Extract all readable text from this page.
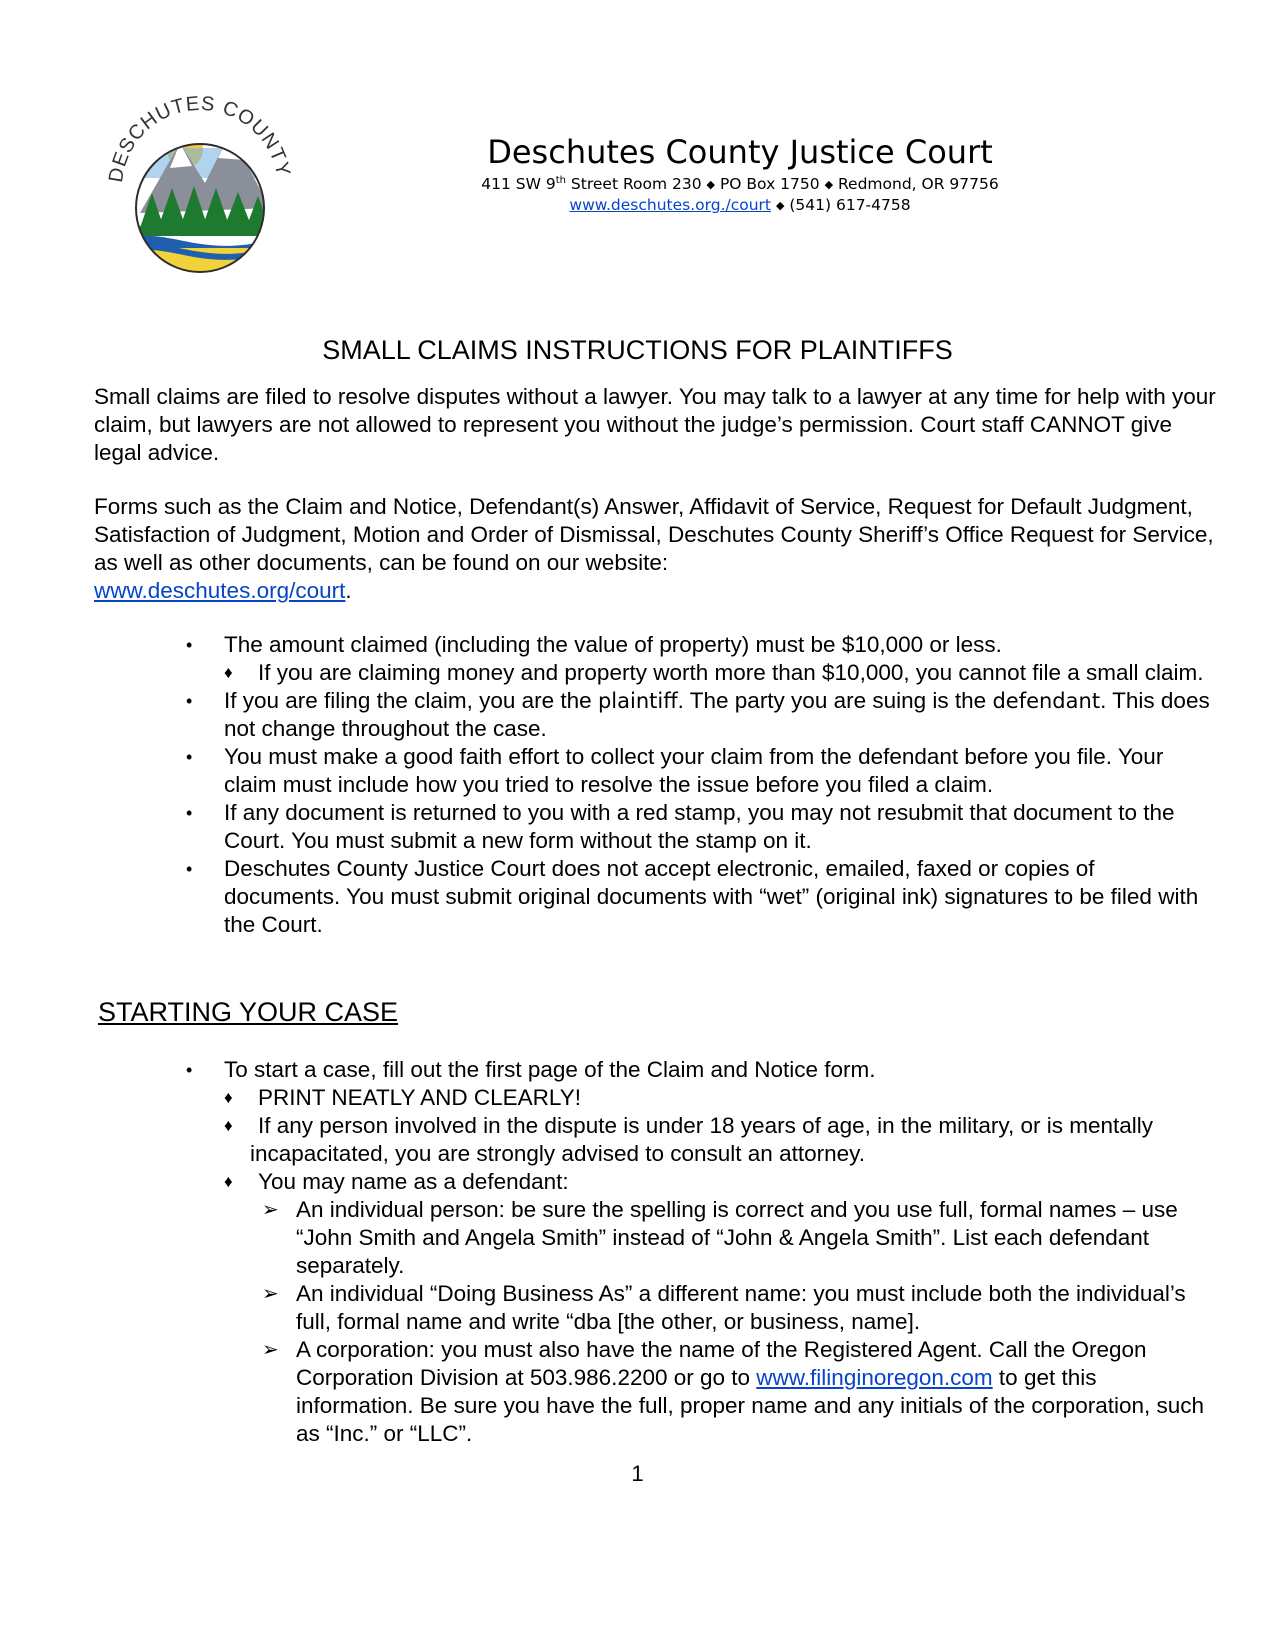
DESCHUTES COUNTY	Deschutes County Justice Court
411 SW 9th Street Room 230 ◆ PO Box 1750 ◆ Redmond, OR 97756
www.deschutes.org./court ◆ (541) 617-4758
SMALL CLAIMS INSTRUCTIONS FOR PLAINTIFFS
Small claims are filed to resolve disputes without a lawyer. You may talk to a lawyer at any time for help with your claim, but lawyers are not allowed to represent you without the judge’s permission. Court staff CANNOT give legal advice.
Forms such as the Claim and Notice, Defendant(s) Answer, Affidavit of Service, Request for Default Judgment, Satisfaction of Judgment, Motion and Order of Dismissal, Deschutes County Sheriff’s Office Request for Service, as well as other documents, can be found on our website:
www.deschutes.org/court.
• The amount claimed (including the value of property) must be $10,000 or less.
♦ If you are claiming money and property worth more than $10,000, you cannot file a small claim.
• If you are filing the claim, you are the plaintiff. The party you are suing is the defendant. This does not change throughout the case.
• You must make a good faith effort to collect your claim from the defendant before you file. Your claim must include how you tried to resolve the issue before you filed a claim.
• If any document is returned to you with a red stamp, you may not resubmit that document to the Court. You must submit a new form without the stamp on it.
• Deschutes County Justice Court does not accept electronic, emailed, faxed or copies of documents. You must submit original documents with “wet” (original ink) signatures to be filed with the Court.
STARTING YOUR CASE
• To start a case, fill out the first page of the Claim and Notice form.
♦ PRINT NEATLY AND CLEARLY!
♦ If any person involved in the dispute is under 18 years of age, in the military, or is mentally incapacitated, you are strongly advised to consult an attorney.
♦ You may name as a defendant:
➢ An individual person: be sure the spelling is correct and you use full, formal names – use “John Smith and Angela Smith” instead of “John & Angela Smith”. List each defendant separately.
➢ An individual “Doing Business As” a different name: you must include both the individual’s full, formal name and write “dba [the other, or business, name].
➢ A corporation: you must also have the name of the Registered Agent. Call the Oregon Corporation Division at 503.986.2200 or go to www.filinginoregon.com to get this information. Be sure you have the full, proper name and any initials of the corporation, such as “Inc.” or “LLC”.
1
